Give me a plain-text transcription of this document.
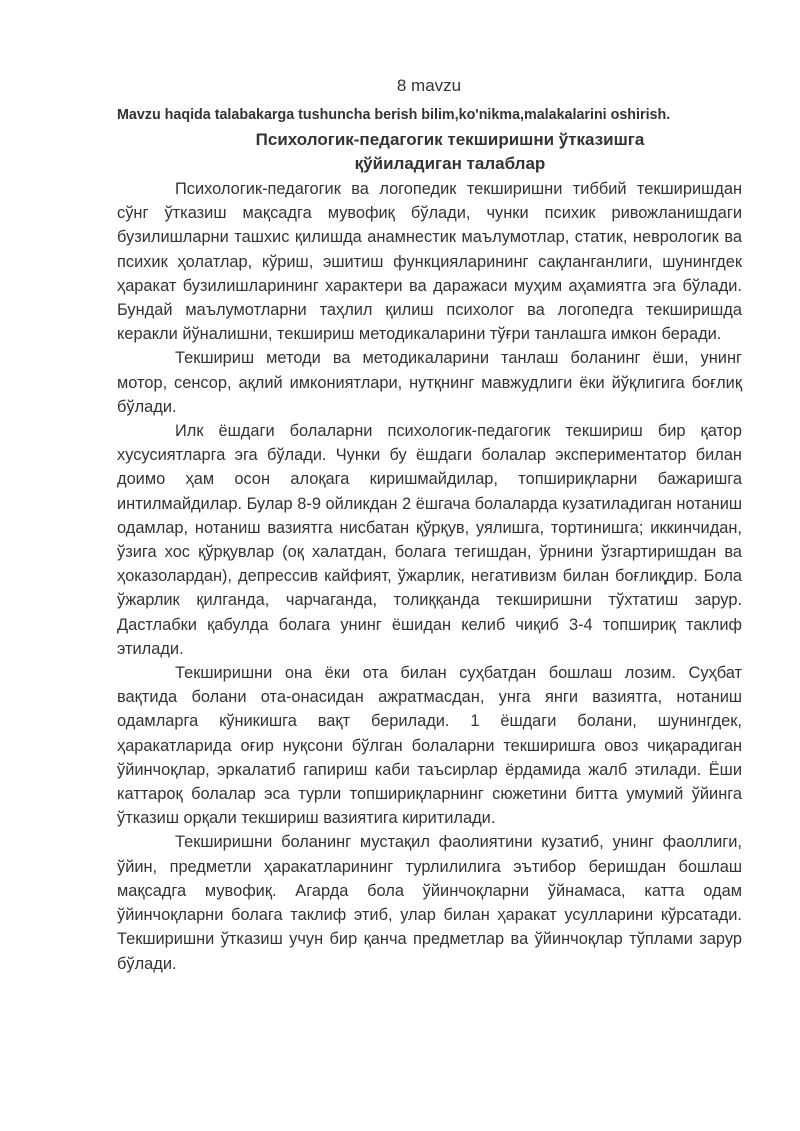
8 mavzu
Mavzu haqida talabakarga tushuncha berish bilim,ko'nikma,malakalarini oshirish.
Психологик-педагогик текширишни ўтказишга
қўйиладиган талаблар

Психологик-педагогик ва логопедик текширишни тиббий текширишдан сўнг ўтказиш мақсадга мувофиқ бўлади, чунки психик ривожланишдаги бузилишларни ташхис қилишда анамнестик маълумотлар, статик, неврологик ва психик ҳолатлар, кўриш, эшитиш функцияларининг сақланганлиги, шунингдек ҳаракат бузилишларининг характери ва даражаси муҳим аҳамиятга эга бўлади. Бундай маълумотларни таҳлил қилиш психолог ва логопедга текширишда керакли йўналишни, текшириш методикаларини тўғри танлашга имкон беради.

Текшириш методи ва методикаларини танлаш боланинг ёши, унинг мотор, сенсор, ақлий имкониятлари, нутқнинг мавжудлиги ёки йўқлигига боғлиқ бўлади.

Илк ёшдаги болаларни психологик-педагогик текшириш бир қатор хусусиятларга эга бўлади. Чунки бу ёшдаги болалар экспериментатор билан доимо ҳам осон алоқага киришмайдилар, топшириқларни бажаришга интилмайдилар. Булар 8-9 ойликдан 2 ёшгача болаларда кузатиладиган нотаниш одамлар, нотаниш вазиятга нисбатан қўрқув, уялишга, тортинишга; иккинчидан, ўзига хос қўрқувлар (оқ халатдан, болага тегишдан, ўрнини ўзгартиришдан ва ҳоказолардан), депрессив кайфият, ўжарлик, негативизм билан боғлиқдир. Бола ўжарлик қилганда, чарчаганда, толиққанда текширишни тўхтатиш зарур. Дастлабки қабулда болага унинг ёшидан келиб чиқиб 3-4 топшириқ таклиф этилади.

Текширишни она ёки ота билан суҳбатдан бошлаш лозим. Суҳбат вақтида болани ота-онасидан ажратмасдан, унга янги вазиятга, нотаниш одамларга кўникишга вақт берилади. 1 ёшдаги болани, шунингдек, ҳаракатларида оғир нуқсони бўлган болаларни текширишга овоз чиқарадиган ўйинчоқлар, эркалатиб гапириш каби таъсирлар ёрдамида жалб этилади. Ёши каттароқ болалар эса турли топшириқларнинг сюжетини битта умумий ўйинга ўтказиш орқали текшириш вазиятига киритилади.

Текширишни боланинг мустақил фаолиятини кузатиб, унинг фаоллиги, ўйин, предметли ҳаракатларининг турлилилига эътибор беришдан бошлаш мақсадга мувофиқ. Агарда бола ўйинчоқларни ўйнамаса, катта одам ўйинчоқларни болага таклиф этиб, улар билан ҳаракат усулларини кўрсатади. Текширишни ўтказиш учун бир қанча предметлар ва ўйинчоқлар тўплами зарур бўлади.
